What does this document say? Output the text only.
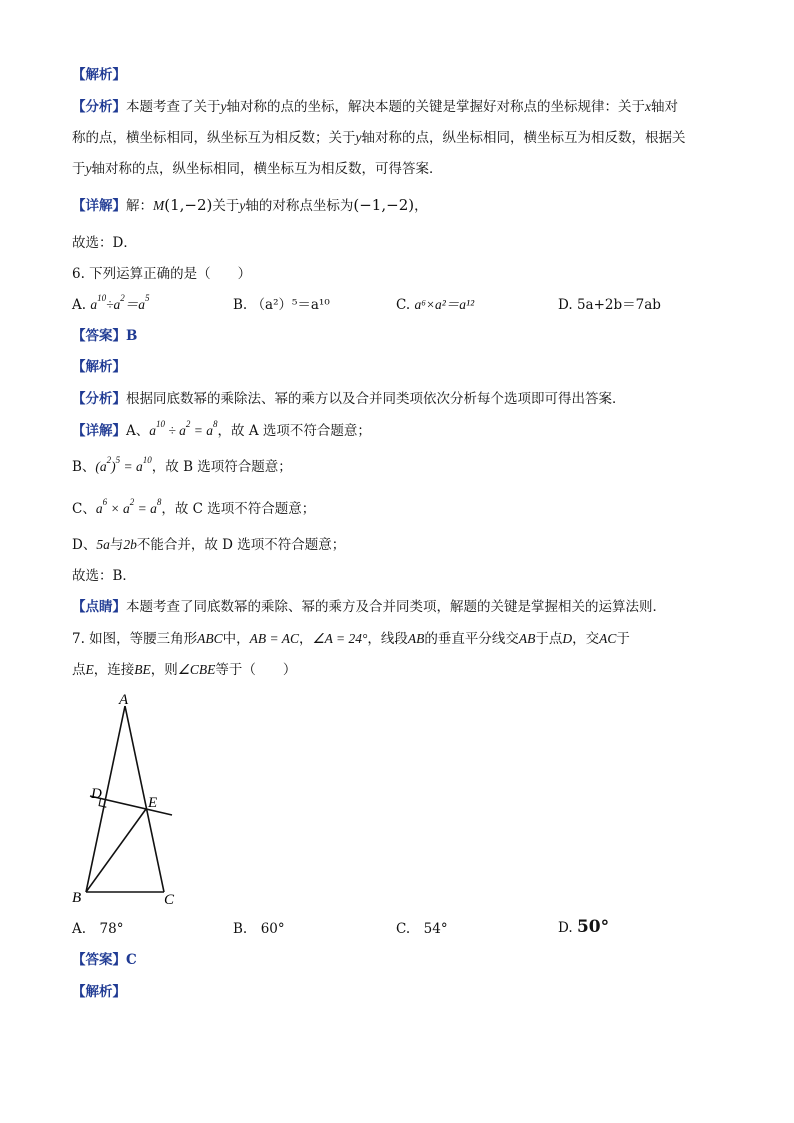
【解析】
【分析】本题考查了关于y轴对称的点的坐标，解决本题的关键是掌握好对称点的坐标规律：关于x轴对
称的点，横坐标相同，纵坐标互为相反数；关于y轴对称的点，纵坐标相同，横坐标互为相反数，根据关
于y轴对称的点，纵坐标相同，横坐标互为相反数，可得答案．
【详解】解：M(1,−2)关于y轴的对称点坐标为(−1,−2)，
故选：D．
6. 下列运算正确的是（　　）
A. $a^{10}\div a^2=a^5$	B. （a²）⁵＝a¹⁰	C. a⁶×a²＝a¹²	D. 5a+2b＝7ab
【答案】B
【解析】
【分析】根据同底数幂的乘除法、幂的乘方以及合并同类项依次分析每个选项即可得出答案．
【详解】A、$a^{10} \div a^2 = a^8$，故 A 选项不符合题意；
B、$(a^2)^5 = a^{10}$，故 B 选项符合题意；
C、$a^6 \times a^2 = a^8$，故 C 选项不符合题意；
D、5a与2b不能合并，故 D 选项不符合题意；
故选：B．
【点睛】本题考查了同底数幂的乘除、幂的乘方及合并同类项，解题的关键是掌握相关的运算法则．
7. 如图，等腰三角形ABC中，AB = AC，∠A = 24°，线段AB的垂直平分线交AB于点D，交AC于
点E，连接BE，则∠CBE等于（　　）
A
D
E
B	C
A.　78°	B.　60°	C.　54°	D. 50°
【答案】C
【解析】
